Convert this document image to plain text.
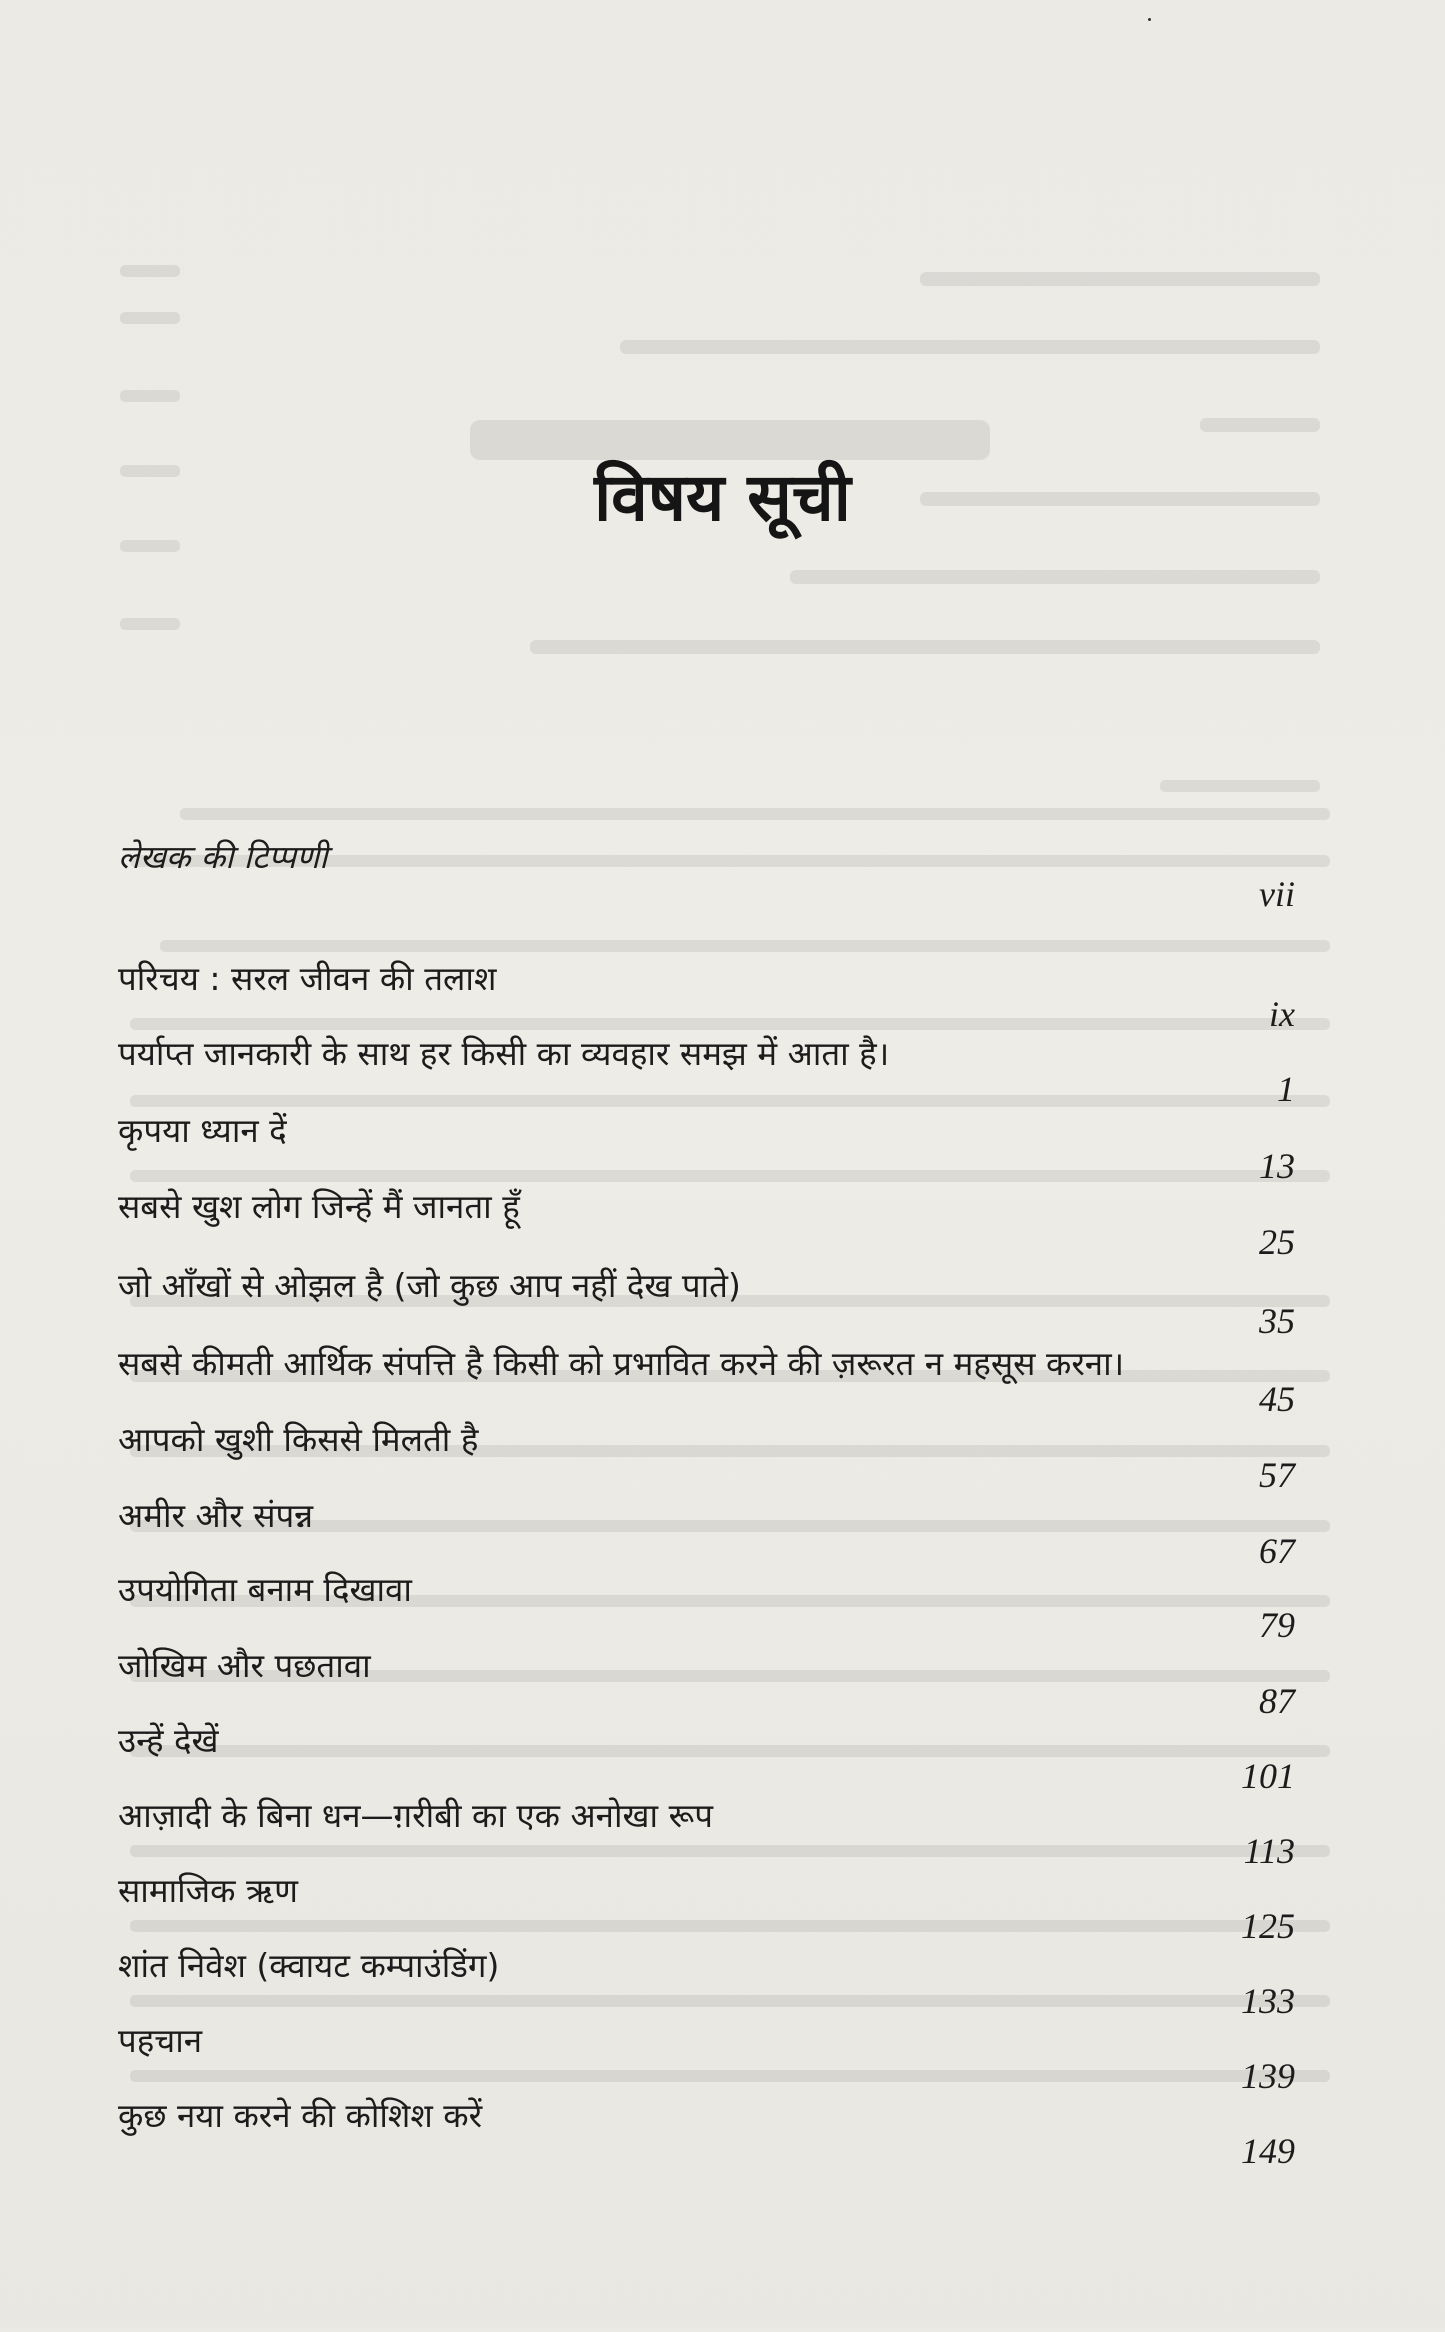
विषय सूची
लेखक की टिप्पणी
vii
परिचय : सरल जीवन की तलाश
ix
पर्याप्त जानकारी के साथ हर किसी का व्यवहार समझ में आता है।
1
कृपया ध्यान दें
13
सबसे खुश लोग जिन्हें मैं जानता हूँ
25
जो आँखों से ओझल है (जो कुछ आप नहीं देख पाते)
35
सबसे कीमती आर्थिक संपत्ति है किसी को प्रभावित करने की ज़रूरत न महसूस करना।
45
आपको खुशी किससे मिलती है
57
अमीर और संपन्न
67
उपयोगिता बनाम दिखावा
79
जोखिम और पछतावा
87
उन्हें देखें
101
आज़ादी के बिना धन—ग़रीबी का एक अनोखा रूप
113
सामाजिक ऋण
125
शांत निवेश (क्वायट कम्पाउंडिंग)
133
पहचान
139
कुछ नया करने की कोशिश करें
149
